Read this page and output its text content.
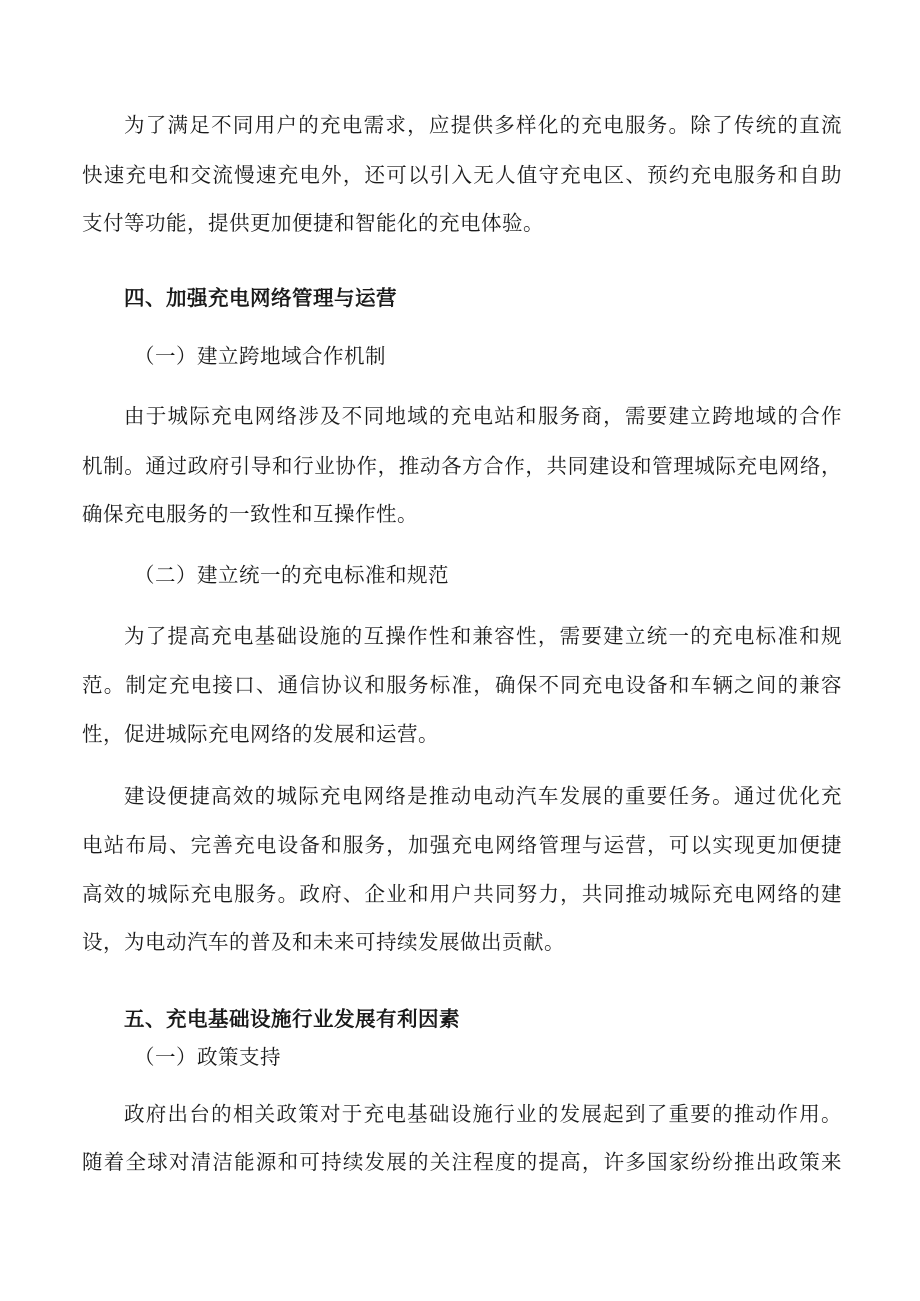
为了满足不同用户的充电需求，应提供多样化的充电服务。除了传统的直流
快速充电和交流慢速充电外，还可以引入无人值守充电区、预约充电服务和自助
支付等功能，提供更加便捷和智能化的充电体验。
四、加强充电网络管理与运营
（一）建立跨地域合作机制
由于城际充电网络涉及不同地域的充电站和服务商，需要建立跨地域的合作
机制。通过政府引导和行业协作，推动各方合作，共同建设和管理城际充电网络，
确保充电服务的一致性和互操作性。
（二）建立统一的充电标准和规范
为了提高充电基础设施的互操作性和兼容性，需要建立统一的充电标准和规
范。制定充电接口、通信协议和服务标准，确保不同充电设备和车辆之间的兼容
性，促进城际充电网络的发展和运营。
建设便捷高效的城际充电网络是推动电动汽车发展的重要任务。通过优化充
电站布局、完善充电设备和服务，加强充电网络管理与运营，可以实现更加便捷
高效的城际充电服务。政府、企业和用户共同努力，共同推动城际充电网络的建
设，为电动汽车的普及和未来可持续发展做出贡献。
五、充电基础设施行业发展有利因素
（一）政策支持
政府出台的相关政策对于充电基础设施行业的发展起到了重要的推动作用。
随着全球对清洁能源和可持续发展的关注程度的提高，许多国家纷纷推出政策来
